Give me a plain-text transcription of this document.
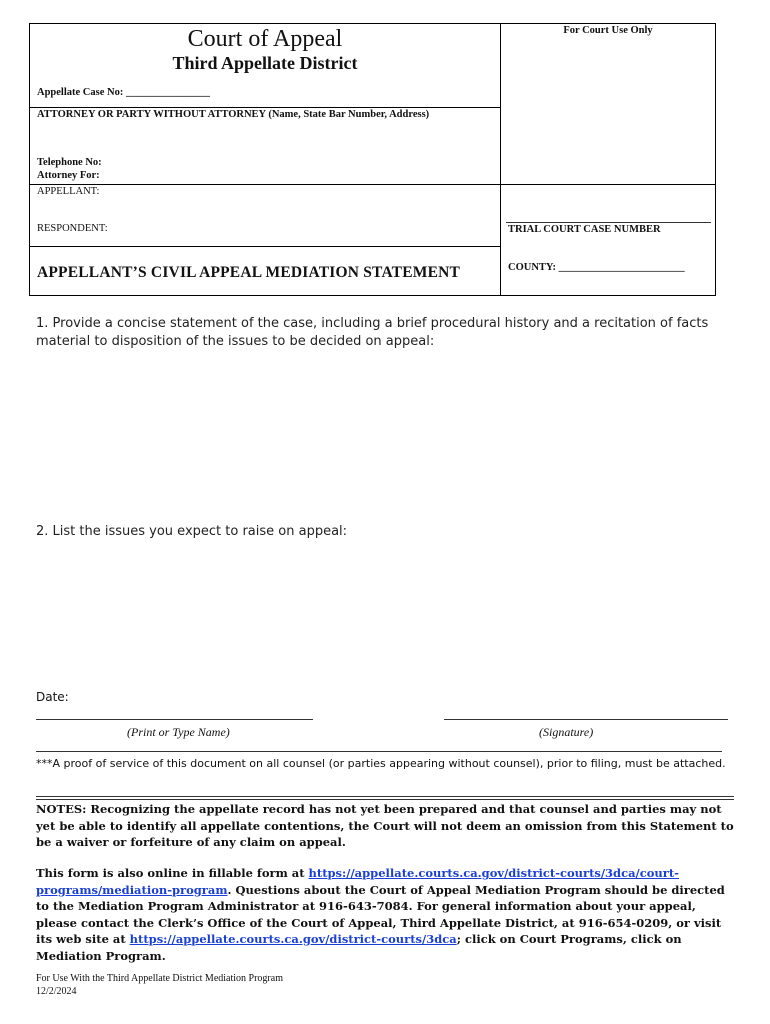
Court of Appeal
Third Appellate District
For Court Use Only
Appellate Case No: ________________
ATTORNEY OR PARTY WITHOUT ATTORNEY (Name, State Bar Number, Address)
Telephone No:
Attorney For:
APPELLANT:
RESPONDENT:	TRIAL COURT CASE NUMBER
COUNTY: ________________________
APPELLANT’S CIVIL APPEAL MEDIATION STATEMENT
1. Provide a concise statement of the case, including a brief procedural history and a recitation of facts material to disposition of the issues to be decided on appeal:
2. List the issues you expect to raise on appeal:
Date:
(Print or Type Name)	(Signature)
***A proof of service of this document on all counsel (or parties appearing without counsel), prior to filing, must be attached.
NOTES: Recognizing the appellate record has not yet been prepared and that counsel and parties may not yet be able to identify all appellate contentions, the Court will not deem an omission from this Statement to be a waiver or forfeiture of any claim on appeal.
This form is also online in fillable form at https://appellate.courts.ca.gov/district-courts/3dca/court-programs/mediation-program. Questions about the Court of Appeal Mediation Program should be directed to the Mediation Program Administrator at 916-643-7084. For general information about your appeal, please contact the Clerk’s Office of the Court of Appeal, Third Appellate District, at 916-654-0209, or visit its web site at https://appellate.courts.ca.gov/district-courts/3dca; click on Court Programs, click on Mediation Program.
For Use With the Third Appellate District Mediation Program
12/2/2024
